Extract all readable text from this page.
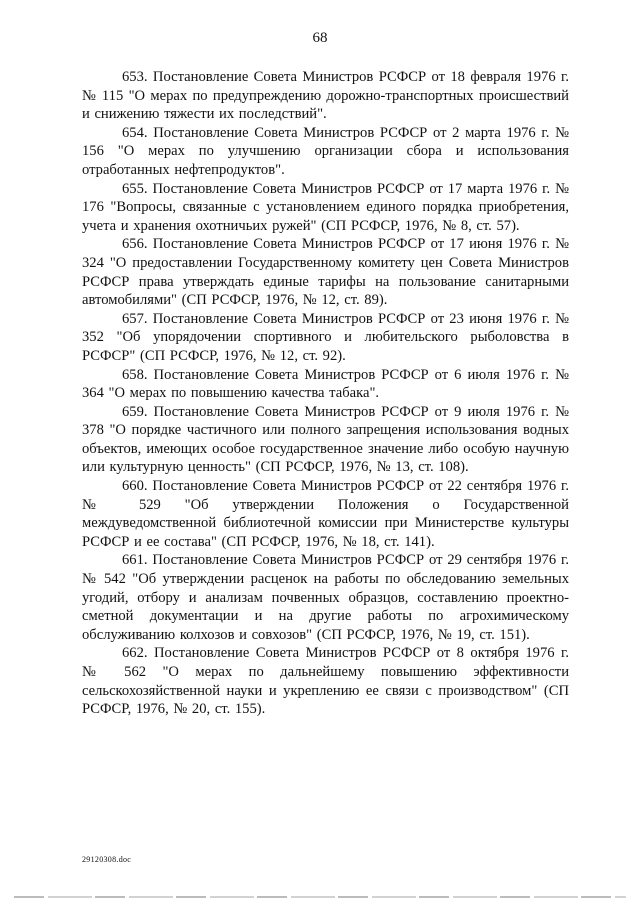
68

653. Постановление Совета Министров РСФСР от 18 февраля 1976 г. № 115 "О мерах по предупреждению дорожно-транспортных происшествий и снижению тяжести их последствий".

654. Постановление Совета Министров РСФСР от 2 марта 1976 г. № 156 "О мерах по улучшению организации сбора и использования отработанных нефтепродуктов".

655. Постановление Совета Министров РСФСР от 17 марта 1976 г. № 176 "Вопросы, связанные с установлением единого порядка приобретения, учета и хранения охотничьих ружей" (СП РСФСР, 1976, № 8, ст. 57).

656. Постановление Совета Министров РСФСР от 17 июня 1976 г. № 324 "О предоставлении Государственному комитету цен Совета Министров РСФСР права утверждать единые тарифы на пользование санитарными автомобилями" (СП РСФСР, 1976, № 12, ст. 89).

657. Постановление Совета Министров РСФСР от 23 июня 1976 г. № 352 "Об упорядочении спортивного и любительского рыболовства в РСФСР" (СП РСФСР, 1976, № 12, ст. 92).

658. Постановление Совета Министров РСФСР от 6 июля 1976 г. № 364 "О мерах по повышению качества табака".

659. Постановление Совета Министров РСФСР от 9 июля 1976 г. № 378 "О порядке частичного или полного запрещения использования водных объектов, имеющих особое государственное значение либо особую научную или культурную ценность" (СП РСФСР, 1976, № 13, ст. 108).

660. Постановление Совета Министров РСФСР от 22 сентября 1976 г. № 529 "Об утверждении Положения о Государственной междуведомственной библиотечной комиссии при Министерстве культуры РСФСР и ее состава" (СП РСФСР, 1976, № 18, ст. 141).

661. Постановление Совета Министров РСФСР от 29 сентября 1976 г. № 542 "Об утверждении расценок на работы по обследованию земельных угодий, отбору и анализам почвенных образцов, составлению проектно-сметной документации и на другие работы по агрохимическому обслуживанию колхозов и совхозов" (СП РСФСР, 1976, № 19, ст. 151).

662. Постановление Совета Министров РСФСР от 8 октября 1976 г. № 562 "О мерах по дальнейшему повышению эффективности сельскохозяйственной науки и укреплению ее связи с производством" (СП РСФСР, 1976, № 20, ст. 155).

29120308.doc
